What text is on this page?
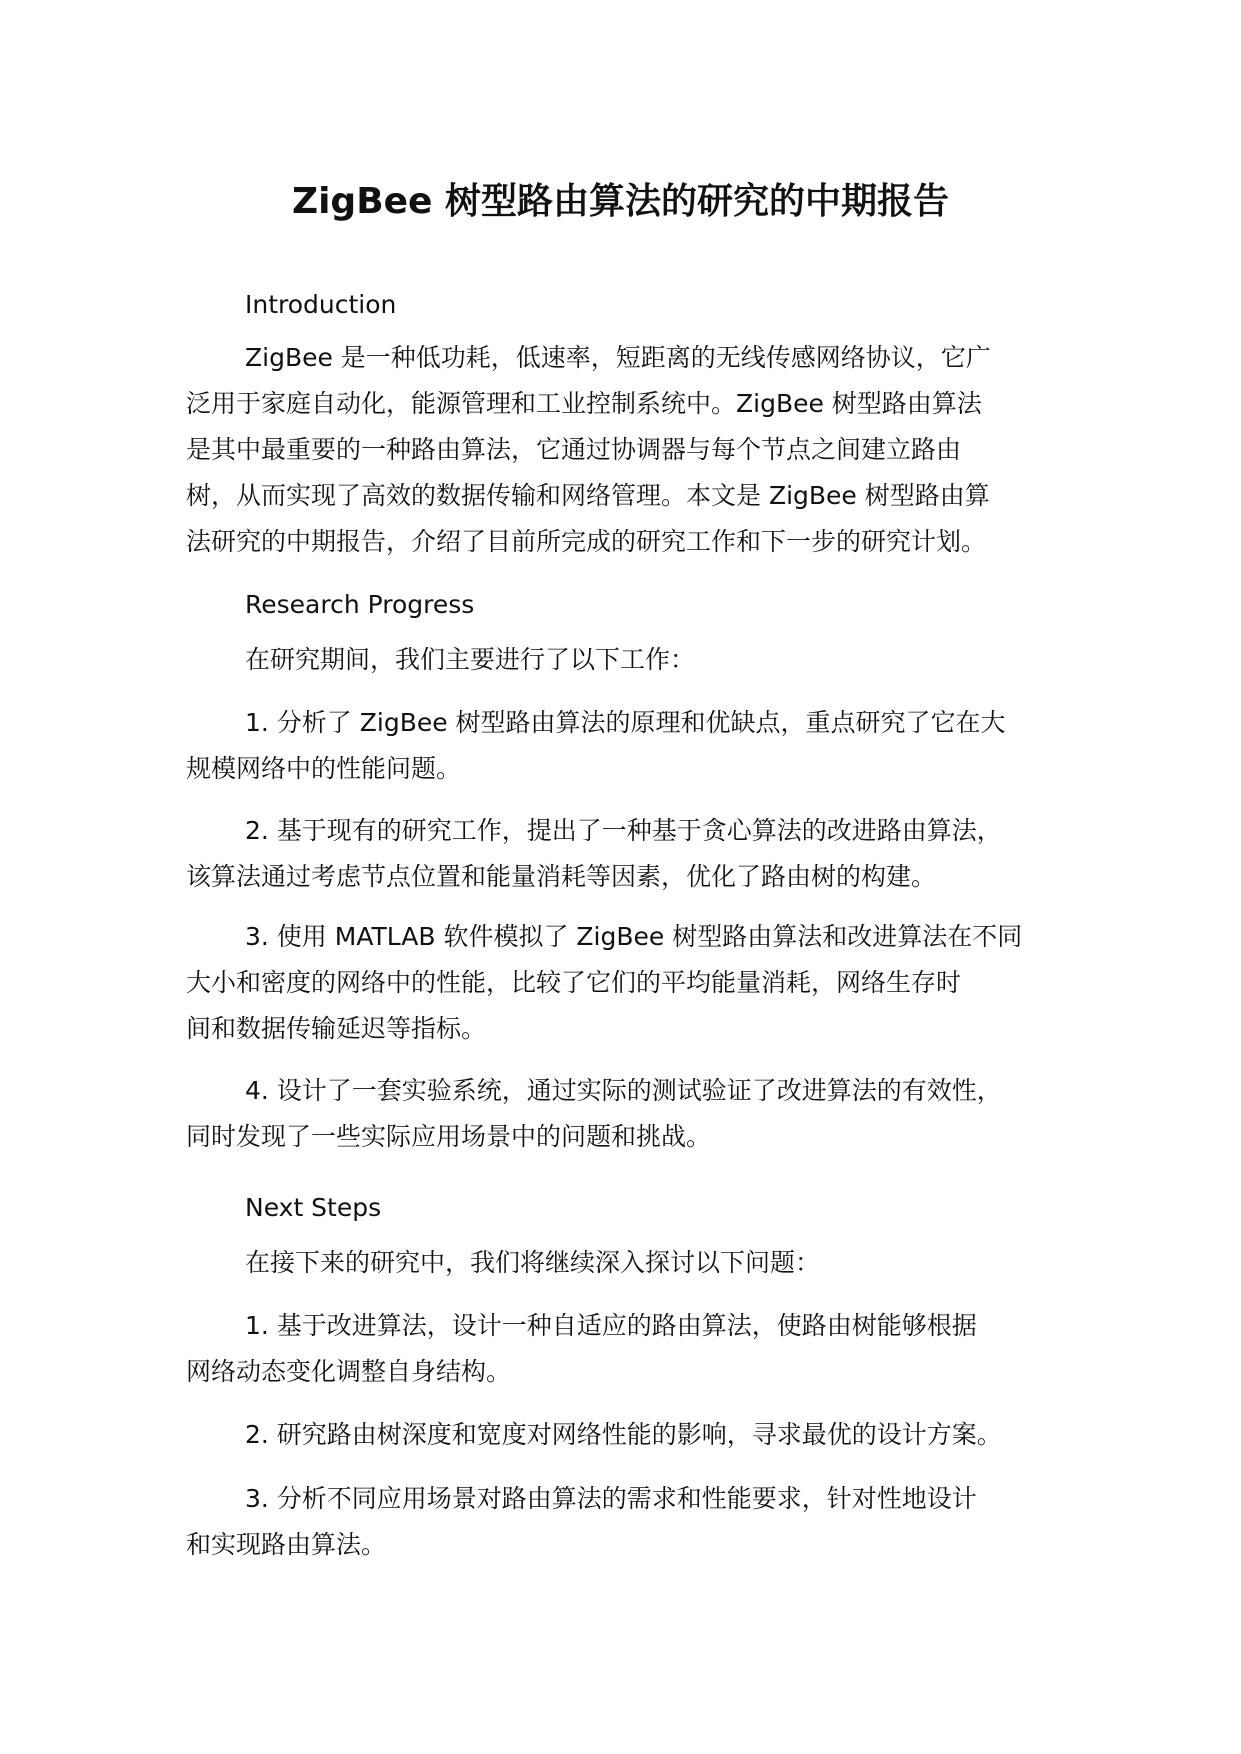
ZigBee 树型路由算法的研究的中期报告

Introduction

ZigBee 是一种低功耗，低速率，短距离的无线传感网络协议，它广
泛用于家庭自动化，能源管理和工业控制系统中。ZigBee 树型路由算法
是其中最重要的一种路由算法，它通过协调器与每个节点之间建立路由
树，从而实现了高效的数据传输和网络管理。本文是 ZigBee 树型路由算
法研究的中期报告，介绍了目前所完成的研究工作和下一步的研究计划。

Research Progress

在研究期间，我们主要进行了以下工作：

1. 分析了 ZigBee 树型路由算法的原理和优缺点，重点研究了它在大
规模网络中的性能问题。

2. 基于现有的研究工作，提出了一种基于贪心算法的改进路由算法，
该算法通过考虑节点位置和能量消耗等因素，优化了路由树的构建。

3. 使用 MATLAB 软件模拟了 ZigBee 树型路由算法和改进算法在不同
大小和密度的网络中的性能，比较了它们的平均能量消耗，网络生存时
间和数据传输延迟等指标。

4. 设计了一套实验系统，通过实际的测试验证了改进算法的有效性，
同时发现了一些实际应用场景中的问题和挑战。

Next Steps

在接下来的研究中，我们将继续深入探讨以下问题：

1. 基于改进算法，设计一种自适应的路由算法，使路由树能够根据
网络动态变化调整自身结构。

2. 研究路由树深度和宽度对网络性能的影响，寻求最优的设计方案。

3. 分析不同应用场景对路由算法的需求和性能要求，针对性地设计
和实现路由算法。
